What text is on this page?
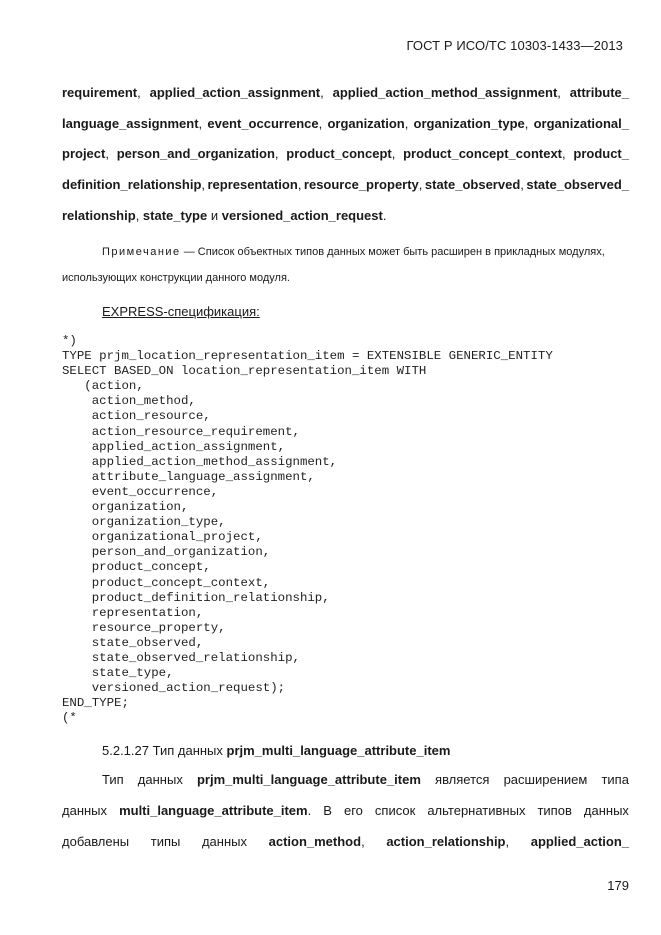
ГОСТ Р ИСО/ТС 10303-1433—2013
requirement, applied_action_assignment, applied_action_method_assignment, attribute_
language_assignment, event_occurrence, organization, organization_type, organizational_
project, person_and_organization, product_concept, product_concept_context, product_
definition_relationship, representation, resource_property, state_observed, state_observed_
relationship, state_type и versioned_action_request.
Примечание — Список объектных типов данных может быть расширен в прикладных модулях,
использующих конструкции данного модуля.
EXPRESS-спецификация:
*)
TYPE prjm_location_representation_item = EXTENSIBLE GENERIC_ENTITY
SELECT BASED_ON location_representation_item WITH
(action,
action_method,
action_resource,
action_resource_requirement,
applied_action_assignment,
applied_action_method_assignment,
attribute_language_assignment,
event_occurrence,
organization,
organization_type,
organizational_project,
person_and_organization,
product_concept,
product_concept_context,
product_definition_relationship,
representation,
resource_property,
state_observed,
state_observed_relationship,
state_type,
versioned_action_request);
END_TYPE;
(*
5.2.1.27 Тип данных prjm_multi_language_attribute_item
Тип данных prjm_multi_language_attribute_item является расширением типа
данных multi_language_attribute_item. В его список альтернативных типов данных
добавлены типы данных action_method, action_relationship, applied_action_
179
